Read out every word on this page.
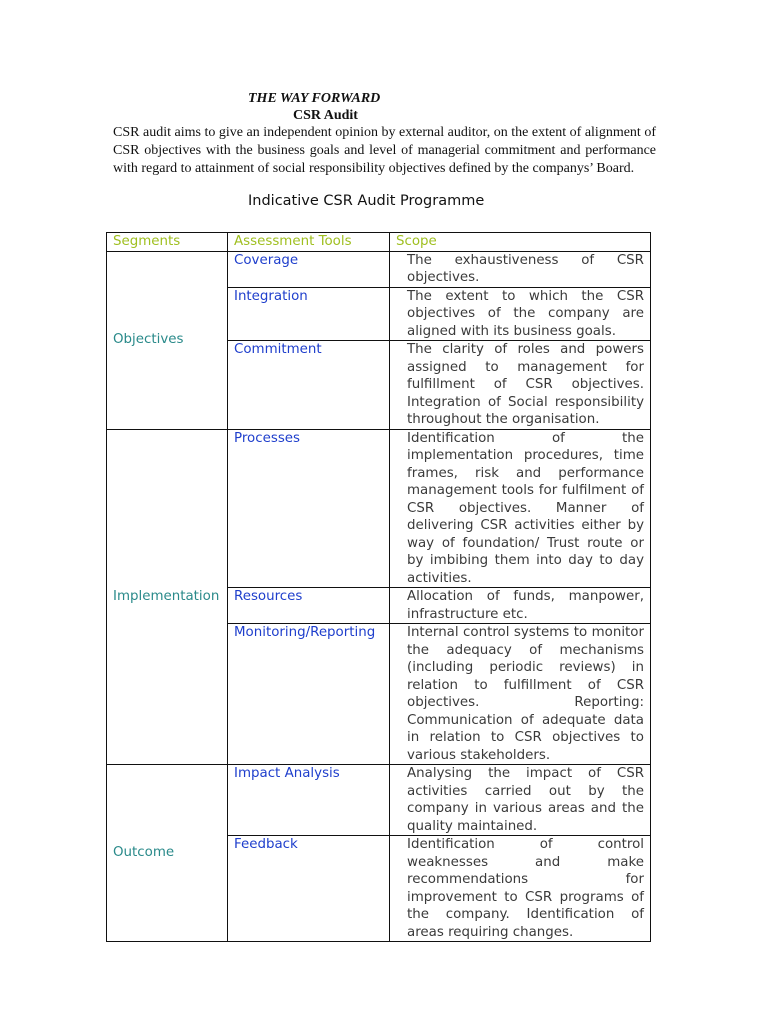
THE WAY FORWARD
CSR Audit

CSR audit aims to give an independent opinion by external auditor, on the extent of alignment of CSR objectives with the business goals and level of managerial commitment and performance with regard to attainment of social responsibility objectives defined by the companys’ Board.

Indicative CSR Audit Programme
Segments	Assessment Tools	Scope
Objectives	Coverage	The exhaustiveness of CSR objectives.
	Integration	The extent to which the CSR objectives of the company are aligned with its business goals.
	Commitment	The clarity of roles and powers assigned to management for fulfillment of CSR objectives. Integration of Social responsibility throughout the organisation.
Implementation	Processes	Identification of the implementation procedures, time frames, risk and performance management tools for fulfilment of CSR objectives. Manner of delivering CSR activities either by way of foundation/ Trust route or by imbibing them into day to day activities.
	Resources	Allocation of funds, manpower, infrastructure etc.
	Monitoring/Reporting	Internal control systems to monitor the adequacy of mechanisms (including periodic reviews) in relation to fulfillment of CSR objectives. Reporting: Communication of adequate data in relation to CSR objectives to various stakeholders.
Outcome	Impact Analysis	Analysing the impact of CSR activities carried out by the company in various areas and the quality maintained.
	Feedback	Identification of control weaknesses and make recommendations for improvement to CSR programs of the company. Identification of areas requiring changes.
